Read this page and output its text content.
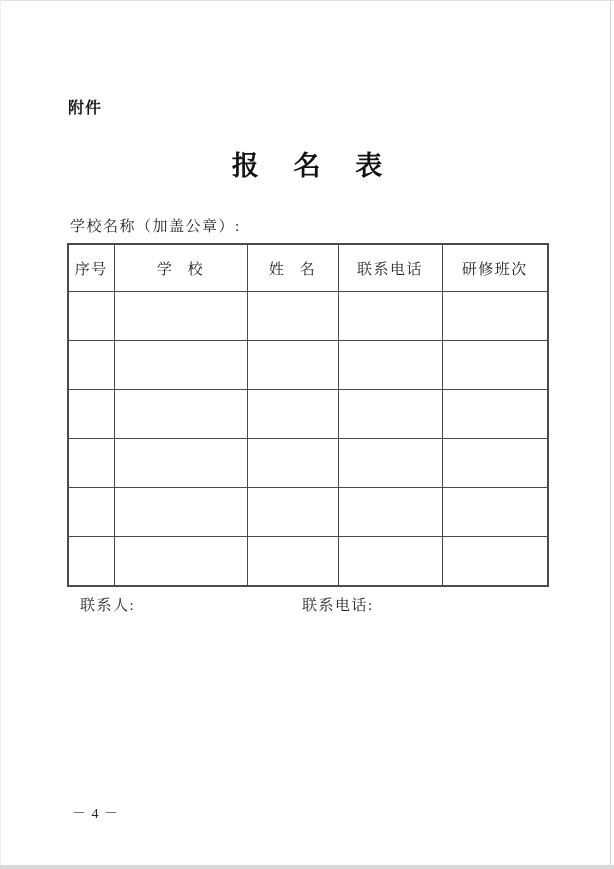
附件
报 名 表
学校名称（加盖公章）:
序号	学 校	姓 名	联系电话	研修班次

联系人:	联系电话:
－ 4 －
